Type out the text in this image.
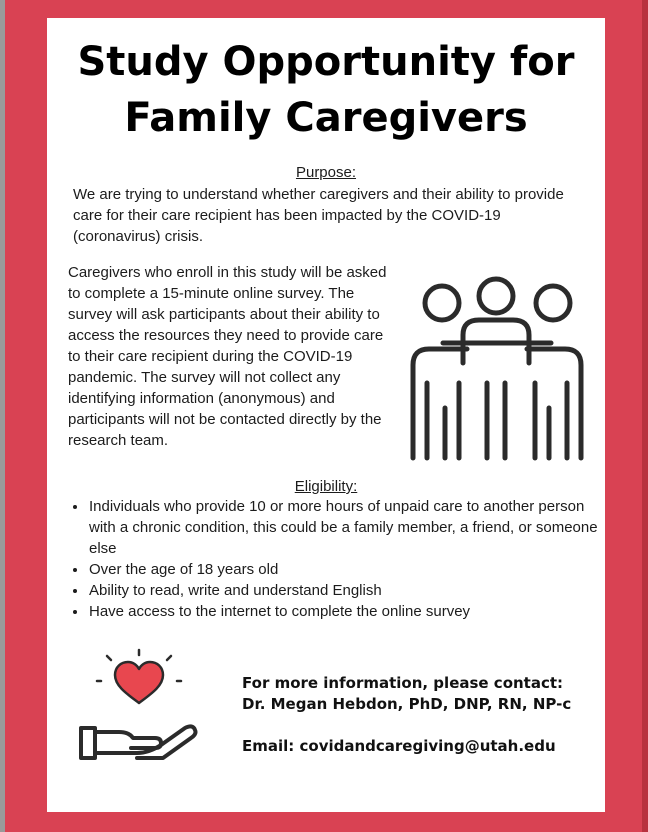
Study Opportunity for
Family Caregivers
Purpose:
We are trying to understand whether caregivers and their ability to provide care for their care recipient has been impacted by the COVID-19 (coronavirus) crisis.
Caregivers who enroll in this study will be asked to complete a 15-minute online survey. The survey will ask participants about their ability to access the resources they need to provide care to their care recipient during the COVID-19 pandemic. The survey will not collect any identifying information (anonymous) and participants will not be contacted directly by the research team.
Eligibility:
• Individuals who provide 10 or more hours of unpaid care to another person with a chronic condition, this could be a family member, a friend, or someone else
• Over the age of 18 years old
• Ability to read, write and understand English
• Have access to the internet to complete the online survey
For more information, please contact:
Dr. Megan Hebdon, PhD, DNP, RN, NP-c
Email: covidandcaregiving@utah.edu
